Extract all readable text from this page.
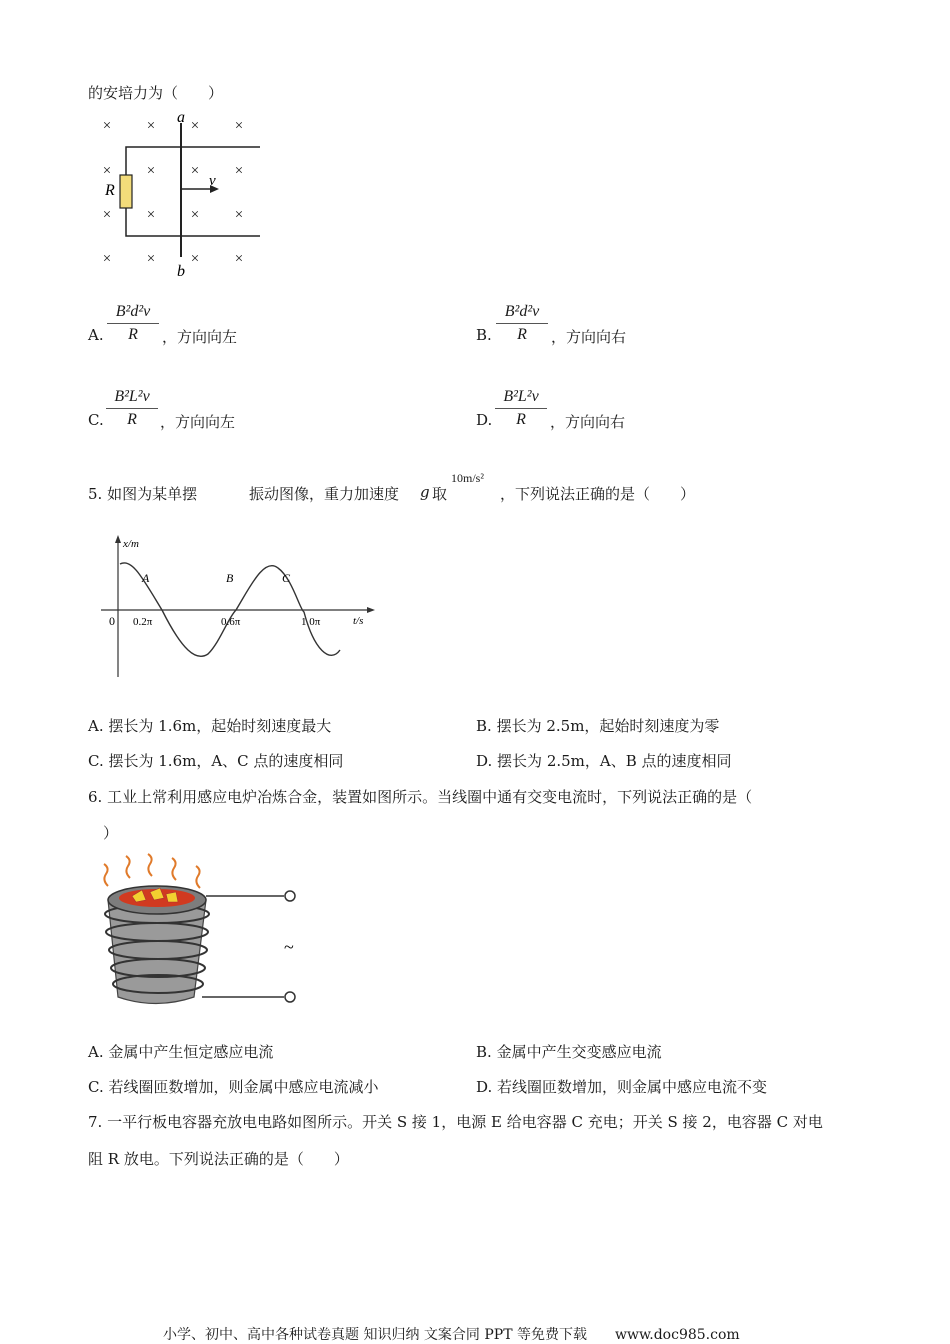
的安培力为（　　）
× × × ×
× × × ×
× × × ×
× × × ×
R
a
b
v
A.
B²d²v
R	，方向向左	B.
B²d²v
R	，方向向右
C.
B²L²v
R	，方向向左	D.
B²L²v
R	，方向向右
5. 如图为某单摆	振动图像，重力加速度 g 取
10m/s²
，下列说法正确的是（　　）
x/m
t/s
0 0.2π	0.6π	1.0π
A	B	C
A. 摆长为 1.6m，起始时刻速度最大	B. 摆长为 2.5m，起始时刻速度为零
C. 摆长为 1.6m，A、C 点的速度相同	D. 摆长为 2.5m，A、B 点的速度相同
6. 工业上常利用感应电炉冶炼合金，装置如图所示。当线圈中通有交变电流时，下列说法正确的是（
）
~
A. 金属中产生恒定感应电流	B. 金属中产生交变感应电流
C. 若线圈匝数增加，则金属中感应电流减小	D. 若线圈匝数增加，则金属中感应电流不变
7. 一平行板电容器充放电电路如图所示。开关 S 接 1，电源 E 给电容器 C 充电；开关 S 接 2，电容器 C 对电
阻 R 放电。下列说法正确的是（　　）
小学、初中、高中各种试卷真题 知识归纳 文案合同 PPT 等免费下载　　www.doc985.com
